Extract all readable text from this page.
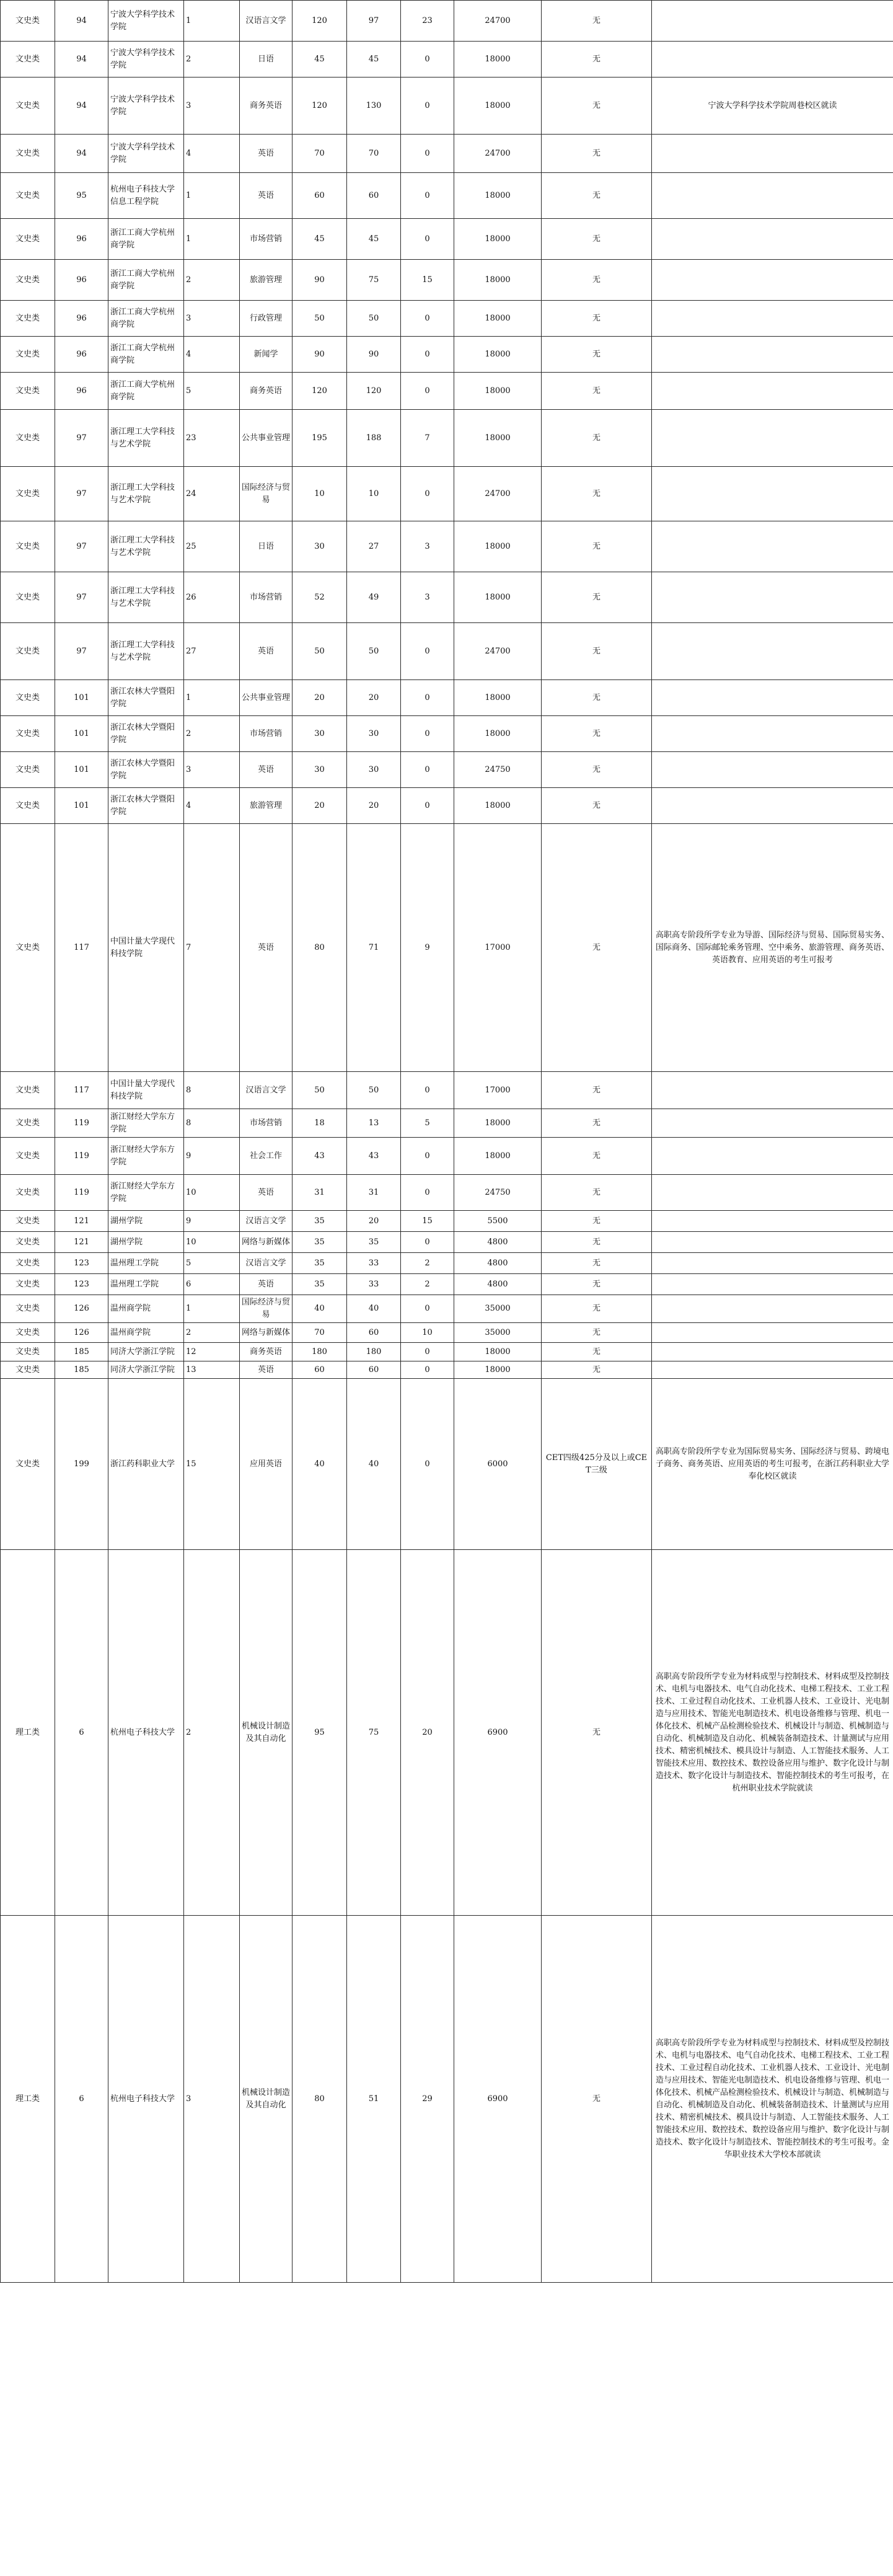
文史类	94	宁波大学科学技术学院	1	汉语言文学	120	97	23	24700	无	
文史类	94	宁波大学科学技术学院	2	日语	45	45	0	18000	无	
文史类	94	宁波大学科学技术学院	3	商务英语	120	130	0	18000	无	宁波大学科学技术学院周巷校区就读
文史类	94	宁波大学科学技术学院	4	英语	70	70	0	24700	无	
文史类	95	杭州电子科技大学信息工程学院	1	英语	60	60	0	18000	无	
文史类	96	浙江工商大学杭州商学院	1	市场营销	45	45	0	18000	无	
文史类	96	浙江工商大学杭州商学院	2	旅游管理	90	75	15	18000	无	
文史类	96	浙江工商大学杭州商学院	3	行政管理	50	50	0	18000	无	
文史类	96	浙江工商大学杭州商学院	4	新闻学	90	90	0	18000	无	
文史类	96	浙江工商大学杭州商学院	5	商务英语	120	120	0	18000	无	
文史类	97	浙江理工大学科技与艺术学院	23	公共事业管理	195	188	7	18000	无	
文史类	97	浙江理工大学科技与艺术学院	24	国际经济与贸易	10	10	0	24700	无	
文史类	97	浙江理工大学科技与艺术学院	25	日语	30	27	3	18000	无	
文史类	97	浙江理工大学科技与艺术学院	26	市场营销	52	49	3	18000	无	
文史类	97	浙江理工大学科技与艺术学院	27	英语	50	50	0	24700	无	
文史类	101	浙江农林大学暨阳学院	1	公共事业管理	20	20	0	18000	无	
文史类	101	浙江农林大学暨阳学院	2	市场营销	30	30	0	18000	无	
文史类	101	浙江农林大学暨阳学院	3	英语	30	30	0	24750	无	
文史类	101	浙江农林大学暨阳学院	4	旅游管理	20	20	0	18000	无	
文史类	117	中国计量大学现代科技学院	7	英语	80	71	9	17000	无	高职高专阶段所学专业为导游、国际经济与贸易、国际贸易实务、国际商务、国际邮轮乘务管理、空中乘务、旅游管理、商务英语、英语教育、应用英语的考生可报考
文史类	117	中国计量大学现代科技学院	8	汉语言文学	50	50	0	17000	无	
文史类	119	浙江财经大学东方学院	8	市场营销	18	13	5	18000	无	
文史类	119	浙江财经大学东方学院	9	社会工作	43	43	0	18000	无	
文史类	119	浙江财经大学东方学院	10	英语	31	31	0	24750	无	
文史类	121	湖州学院	9	汉语言文学	35	20	15	5500	无	
文史类	121	湖州学院	10	网络与新媒体	35	35	0	4800	无	
文史类	123	温州理工学院	5	汉语言文学	35	33	2	4800	无	
文史类	123	温州理工学院	6	英语	35	33	2	4800	无	
文史类	126	温州商学院	1	国际经济与贸易	40	40	0	35000	无	
文史类	126	温州商学院	2	网络与新媒体	70	60	10	35000	无	
文史类	185	同济大学浙江学院	12	商务英语	180	180	0	18000	无	
文史类	185	同济大学浙江学院	13	英语	60	60	0	18000	无	
文史类	199	浙江药科职业大学	15	应用英语	40	40	0	6000	CET四级425分及以上或CET三级	高职高专阶段所学专业为国际贸易实务、国际经济与贸易、跨境电子商务、商务英语、应用英语的考生可报考，在浙江药科职业大学奉化校区就读
理工类	6	杭州电子科技大学	2	机械设计制造及其自动化	95	75	20	6900	无	高职高专阶段所学专业为材料成型与控制技术、材料成型及控制技术、电机与电器技术、电气自动化技术、电梯工程技术、工业工程技术、工业过程自动化技术、工业机器人技术、工业设计、光电制造与应用技术、智能光电制造技术、机电设备维修与管理、机电一体化技术、机械产品检测检验技术、机械设计与制造、机械制造与自动化、机械制造及自动化、机械装备制造技术、计量测试与应用技术、精密机械技术、模具设计与制造、人工智能技术服务、人工智能技术应用、数控技术、数控设备应用与维护、数字化设计与制造技术、数字化设计与制造技术、智能控制技术的考生可报考，在杭州职业技术学院就读
理工类	6	杭州电子科技大学	3	机械设计制造及其自动化	80	51	29	6900	无	高职高专阶段所学专业为材料成型与控制技术、材料成型及控制技术、电机与电器技术、电气自动化技术、电梯工程技术、工业工程技术、工业过程自动化技术、工业机器人技术、工业设计、光电制造与应用技术、智能光电制造技术、机电设备维修与管理、机电一体化技术、机械产品检测检验技术、机械设计与制造、机械制造与自动化、机械制造及自动化、机械装备制造技术、计量测试与应用技术、精密机械技术、模具设计与制造、人工智能技术服务、人工智能技术应用、数控技术、数控设备应用与维护、数字化设计与制造技术、数字化设计与制造技术、智能控制技术的考生可报考。金华职业技术大学校本部就读
